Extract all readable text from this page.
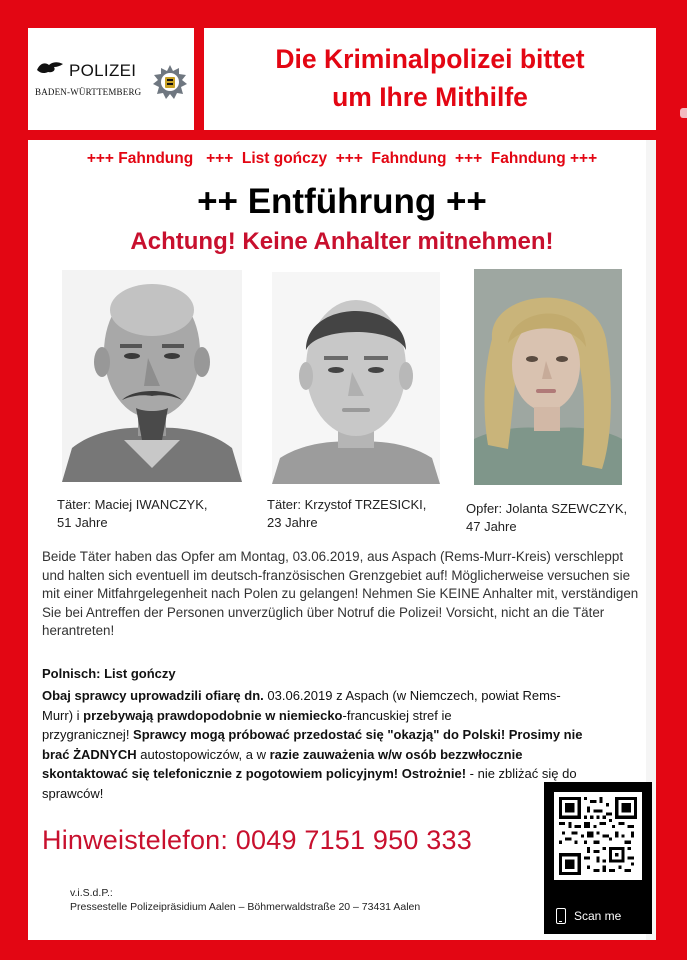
POLIZEI
BADEN-WÜRTTEMBERG
Die Kriminalpolizei bittet
um Ihre Mithilfe
+++ Fahndung   +++  List gończy  +++  Fahndung  +++  Fahndung +++
++ Entführung ++
Achtung! Keine Anhalter mitnehmen!
Täter: Maciej IWANCZYK,
51 Jahre
Täter: Krzystof TRZESICKI,
23 Jahre
Opfer: Jolanta SZEWCZYK,
47 Jahre

Beide Täter haben das Opfer am Montag, 03.06.2019, aus Aspach (Rems-Murr-Kreis) verschleppt und halten sich eventuell im deutsch-französischen Grenzgebiet auf! Möglicherweise versuchen sie mit einer Mitfahrgelegenheit nach Polen zu gelangen! Nehmen Sie KEINE Anhalter mit, verständigen Sie bei Antreffen der Personen unverzüglich über Notruf die Polizei! Vorsicht, nicht an die Täter herantreten!

Polnisch: List gończy
Obaj sprawcy uprowadzili ofiarę dn. 03.06.2019 z Aspach (w Niemczech, powiat Rems-
Murr) i przebywają prawdopodobnie w niemiecko-francuskiej stref ie
przygranicznej! Sprawcy mogą próbować przedostać się "okazją" do Polski! Prosimy nie
brać ŻADNYCH autostopowiczów, a w razie zauważenia w/w osób bezzwłocznie
skontaktować się telefonicznie z pogotowiem policyjnym! Ostrożnie! - nie zbliżać się do
sprawców!
Hinweistelefon: 0049 7151 950 333
v.i.S.d.P.:
Pressestelle Polizeipräsidium Aalen – Böhmerwaldstraße 20 – 73431 Aalen
Scan me
